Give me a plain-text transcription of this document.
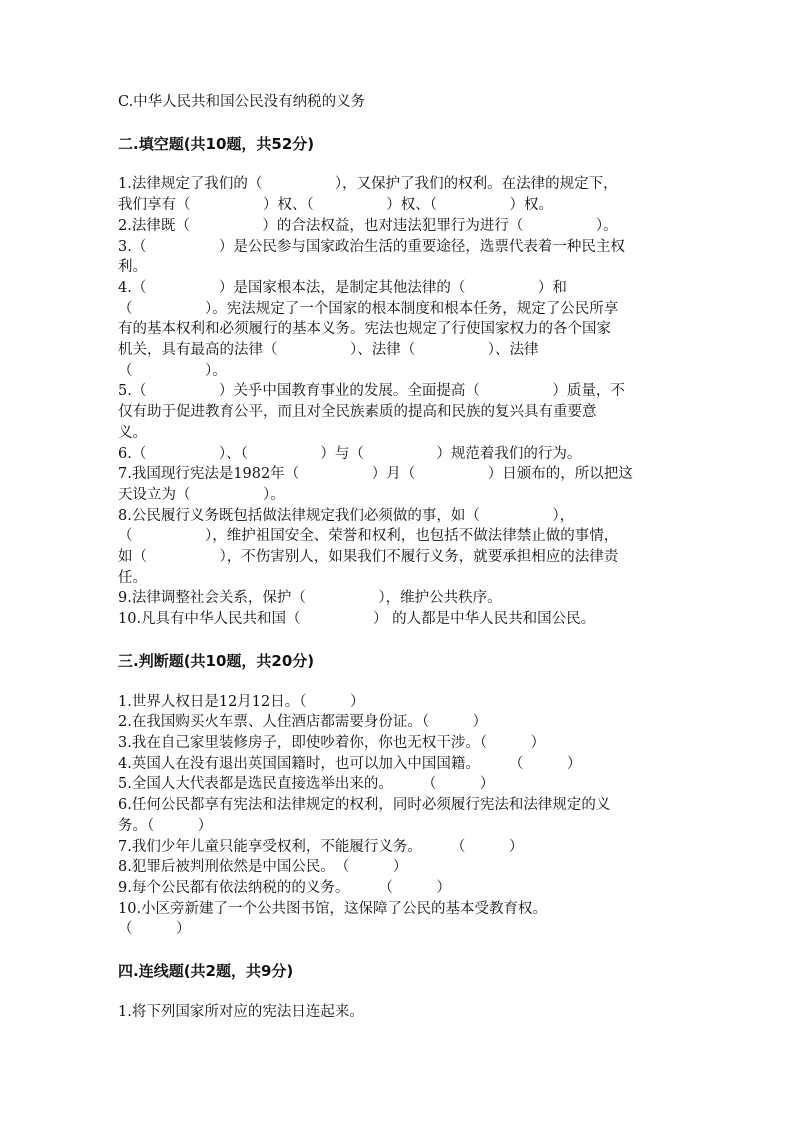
C.中华人民共和国公民没有纳税的义务
二.填空题(共10题，共52分)
1.法律规定了我们的（　　　　　），又保护了我们的权利。在法律的规定下，
我们享有（　　　　　）权、（　　　　　）权、（　　　　　）权。
2.法律既（　　　　　）的合法权益，也对违法犯罪行为进行（　　　　　）。
3.（　　　　　）是公民参与国家政治生活的重要途径，选票代表着一种民主权
利。
4.（　　　　　）是国家根本法，是制定其他法律的（　　　　　）和
（　　　　　）。宪法规定了一个国家的根本制度和根本任务，规定了公民所享
有的基本权利和必须履行的基本义务。宪法也规定了行使国家权力的各个国家
机关，具有最高的法律（　　　　　）、法律（　　　　　）、法律
（　　　　　）。
5.（　　　　　）关乎中国教育事业的发展。全面提高（　　　　　）质量，不
仅有助于促进教育公平，而且对全民族素质的提高和民族的复兴具有重要意
义。
6.（　　　　　）、（　　　　　）与（　　　　　）规范着我们的行为。
7.我国现行宪法是1982年（　　　　　）月（　　　　　）日颁布的，所以把这
天设立为（　　　　　）。
8.公民履行义务既包括做法律规定我们必须做的事，如（　　　　　），
（　　　　　），维护祖国安全、荣誉和权利，也包括不做法律禁止做的事情，
如（　　　　　），不伤害别人，如果我们不履行义务，就要承担相应的法律责
任。
9.法律调整社会关系，保护（　　　　　），维护公共秩序。
10.凡具有中华人民共和国（　　　　　） 的人都是中华人民共和国公民。
三.判断题(共10题，共20分)
1.世界人权日是12月12日。（　　　）
2.在我国购买火车票、人住酒店都需要身份证。（　　　）
3.我在自己家里装修房子，即使吵着你，你也无权干涉。（　　　）
4.英国人在没有退出英国国籍时，也可以加入中国国籍。　　　（　　　）
5.全国人大代表都是选民直接选举出来的。　　　（　　　）
6.任何公民都享有宪法和法律规定的权利，同时必须履行宪法和法律规定的义
务。（　　　）
7.我们少年儿童只能享受权利，不能履行义务。　　　（　　　）
8.犯罪后被判刑依然是中国公民。　（　　　）
9.每个公民都有依法纳税的的义务。　　　（　　　）
10.小区旁新建了一个公共图书馆，这保障了公民的基本受教育权。
（　　　）
四.连线题(共2题，共9分)
1.将下列国家所对应的宪法日连起来。
